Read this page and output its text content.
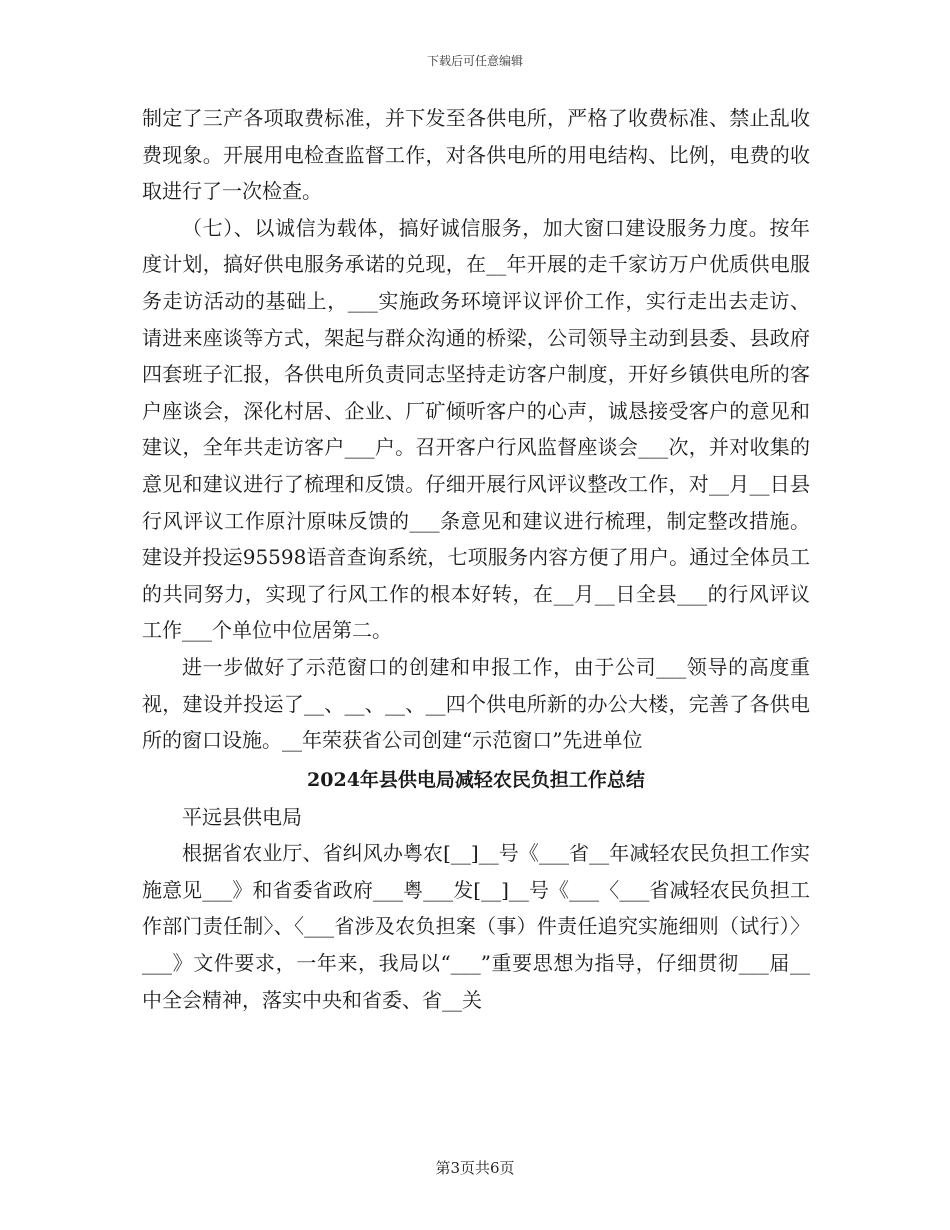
下载后可任意编辑

制定了三产各项取费标准，并下发至各供电所，严格了收费标准、禁止乱收费现象。开展用电检查监督工作，对各供电所的用电结构、比例，电费的收取进行了一次检查。

（七）、以诚信为载体，搞好诚信服务，加大窗口建设服务力度。按年度计划，搞好供电服务承诺的兑现，在__年开展的走千家访万户优质供电服务走访活动的基础上，___实施政务环境评议评价工作，实行走出去走访、请进来座谈等方式，架起与群众沟通的桥梁，公司领导主动到县委、县政府四套班子汇报，各供电所负责同志坚持走访客户制度，开好乡镇供电所的客户座谈会，深化村居、企业、厂矿倾听客户的心声，诚恳接受客户的意见和建议，全年共走访客户___户。召开客户行风监督座谈会___次，并对收集的意见和建议进行了梳理和反馈。仔细开展行风评议整改工作，对__月__日县行风评议工作原汁原味反馈的___条意见和建议进行梳理，制定整改措施。建设并投运95598语音查询系统，七项服务内容方便了用户。通过全体员工的共同努力，实现了行风工作的根本好转，在__月__日全县___的行风评议工作___个单位中位居第二。

进一步做好了示范窗口的创建和申报工作，由于公司___领导的高度重视，建设并投运了__、__、__、__四个供电所新的办公大楼，完善了各供电所的窗口设施。__年荣获省公司创建“示范窗口”先进单位

2024年县供电局减轻农民负担工作总结

平远县供电局

根据省农业厅、省纠风办粤农[__]__号《___省__年减轻农民负担工作实施意见___》和省委省政府___粤___发[__]__号《___〈___省减轻农民负担工作部门责任制〉、〈___省涉及农负担案（事）件责任追究实施细则（试行）〉___》文件要求，一年来，我局以“___”重要思想为指导，仔细贯彻___届__中全会精神，落实中央和省委、省__关

第3页共6页
